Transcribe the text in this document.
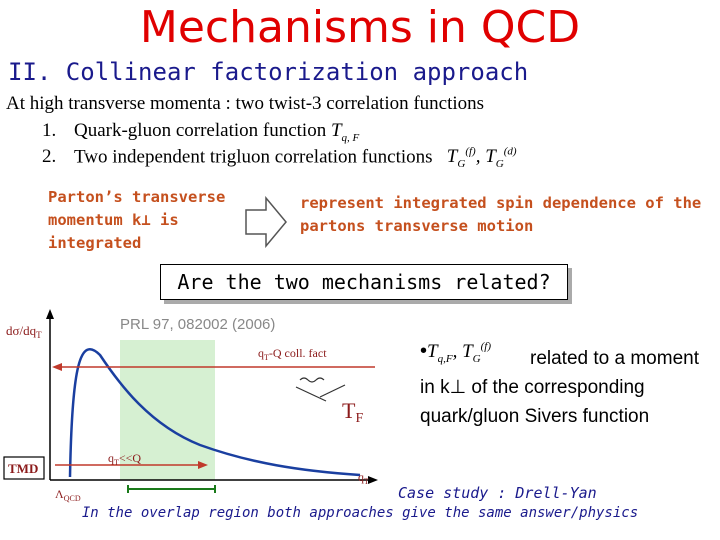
Mechanisms in QCD
II. Collinear factorization approach
At high transverse momenta : two twist-3 correlation functions
1. Quark-gluon correlation function $T_{q, F}$
2. Two independent trigluon correlation functions   $T_G^{(f)}$, $T_G^{(d)}$
Parton’s transverse momentum k⊥ is integrated
represent integrated spin dependence of the partons transverse motion
Are the two mechanisms related?
$d\sigma/dq_T$
$q_T-Q$ coll. fact
$q_T<<Q$
TF
TMD
$\Lambda_{QCD}$
$q_T$
PRL 97, 082002 (2006)
$•T_{q,F}$, $T_G^{(f)}$
related to a moment in k⊥ of the corresponding quark/gluon Sivers function
Case study : Drell-Yan
In the overlap region both approaches give the same answer/physics
